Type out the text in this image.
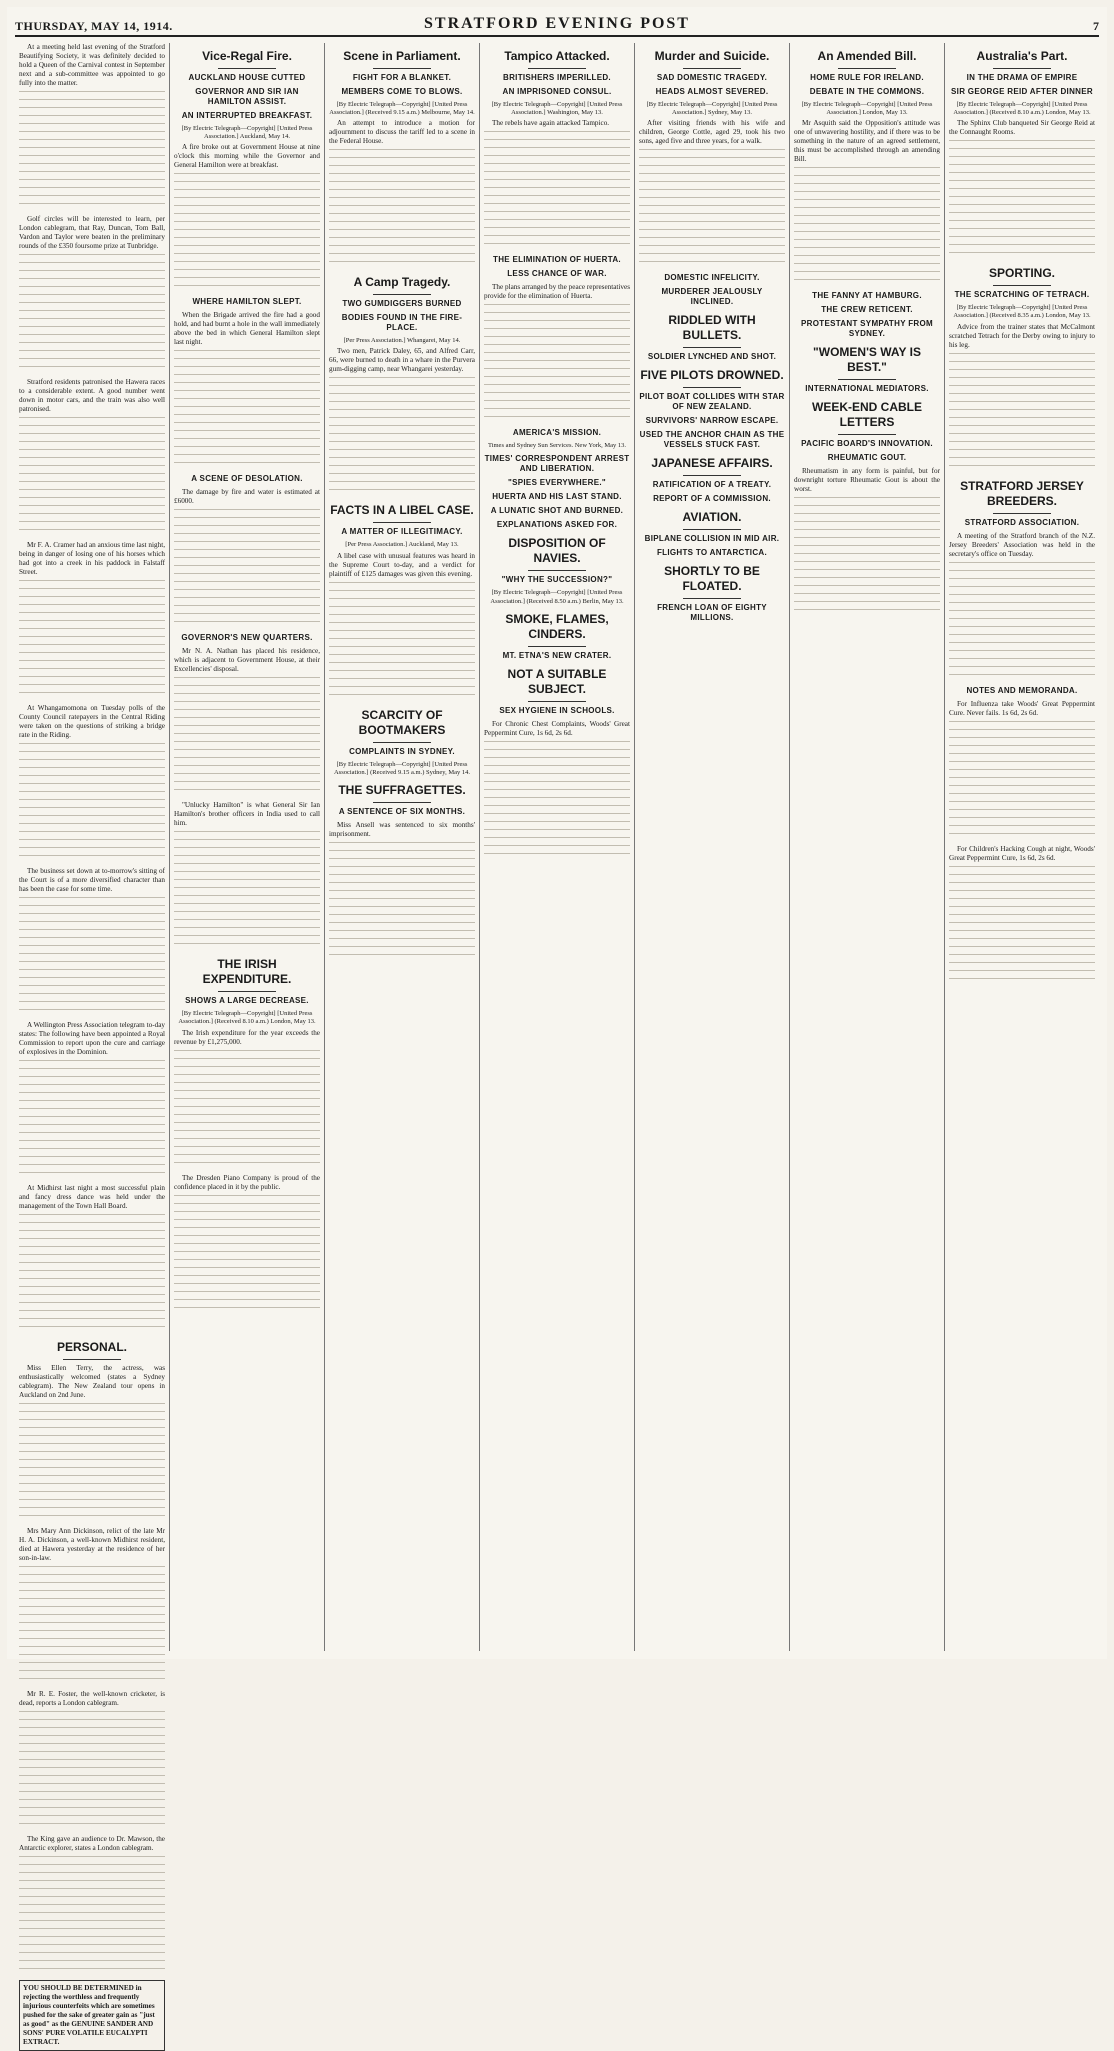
THURSDAY, MAY 14, 1914.	STRATFORD EVENING POST	7

At a meeting held last evening of the Stratford Beautifying Society, it was definitely decided to hold a Queen of the Carnival contest in September next and a sub-committee was appointed to go fully into the matter.

Golf circles will be interested to learn, per London cablegram, that Ray, Duncan, Tom Ball, Vardon and Taylor were beaten in the preliminary rounds of the £350 foursome prize at Tunbridge.

Stratford residents patronised the Hawera races to a considerable extent. A good number went down in motor cars, and the train was also well patronised.

Mr F. A. Cramer had an anxious time last night, being in danger of losing one of his horses which had got into a creek in his paddock in Falstaff Street.

At Whangamomona on Tuesday polls of the County Council ratepayers in the Central Riding were taken on the questions of striking a bridge rate in the Riding.

The business set down at to-morrow's sitting of the Court is of a more diversified character than has been the case for some time.

A Wellington Press Association telegram to-day states: The following have been appointed a Royal Commission to report upon the cure and carriage of explosives in the Dominion.

At Midhirst last night a most successful plain and fancy dress dance was held under the management of the Town Hall Board.

PERSONAL.

Miss Ellen Terry, the actress, was enthusiastically welcomed (states a Sydney cablegram). The New Zealand tour opens in Auckland on 2nd June.

Mrs Mary Ann Dickinson, relict of the late Mr H. A. Dickinson, a well-known Midhirst resident, died at Hawera yesterday at the residence of her son-in-law.

Mr R. E. Foster, the well-known cricketer, is dead, reports a London cablegram.

The King gave an audience to Dr. Mawson, the Antarctic explorer, states a London cablegram.

YOU SHOULD BE DETERMINED in rejecting the worthless and frequently injurious counterfeits which are sometimes pushed for the sake of greater gain as "just as good" as the GENUINE SANDER AND SONS' PURE VOLATILE EUCALYPTI EXTRACT.
Vice-Regal Fire.
AUCKLAND HOUSE CUTTED
GOVERNOR AND SIR IAN HAMILTON ASSIST.
AN INTERRUPTED BREAKFAST.
[By Electric Telegraph—Copyright] [United Press Association.] Auckland, May 14.

A fire broke out at Government House at nine o'clock this morning while the Governor and General Hamilton were at breakfast.

WHERE HAMILTON SLEPT.

When the Brigade arrived the fire had a good hold, and had burnt a hole in the wall immediately above the bed in which General Hamilton slept last night.

A SCENE OF DESOLATION.

The damage by fire and water is estimated at £6000.

GOVERNOR'S NEW QUARTERS.

Mr N. A. Nathan has placed his residence, which is adjacent to Government House, at their Excellencies' disposal.

"Unlucky Hamilton" is what General Sir Ian Hamilton's brother officers in India used to call him.

THE IRISH EXPENDITURE.
SHOWS A LARGE DECREASE.
[By Electric Telegraph—Copyright] [United Press Association.] (Received 8.10 a.m.) London, May 13.

The Irish expenditure for the year exceeds the revenue by £1,275,000.

The Dresden Piano Company is proud of the confidence placed in it by the public.

Scene in Parliament.
FIGHT FOR A BLANKET.
MEMBERS COME TO BLOWS.
[By Electric Telegraph—Copyright] [United Press Association.] (Received 9.15 a.m.) Melbourne, May 14.

An attempt to introduce a motion for adjournment to discuss the tariff led to a scene in the Federal House.

A Camp Tragedy.
TWO GUMDIGGERS BURNED
BODIES FOUND IN THE FIRE-PLACE.
[Per Press Association.] Whangarei, May 14.

Two men, Patrick Daley, 65, and Alfred Carr, 66, were burned to death in a whare in the Purvera gum-digging camp, near Whangarei yesterday.

FACTS IN A LIBEL CASE.
A MATTER OF ILLEGITIMACY.
[Per Press Association.] Auckland, May 13.

A libel case with unusual features was heard in the Supreme Court to-day, and a verdict for plaintiff of £125 damages was given this evening.

SCARCITY OF BOOTMAKERS
COMPLAINTS IN SYDNEY.
[By Electric Telegraph—Copyright] [United Press Association.] (Received 9.15 a.m.) Sydney, May 14.
THE SUFFRAGETTES.
A SENTENCE OF SIX MONTHS.

Miss Ansell was sentenced to six months' imprisonment.

Tampico Attacked.
BRITISHERS IMPERILLED.
AN IMPRISONED CONSUL.
[By Electric Telegraph—Copyright] [United Press Association.] Washington, May 13.

The rebels have again attacked Tampico.

THE ELIMINATION OF HUERTA.
LESS CHANCE OF WAR.

The plans arranged by the peace representatives provide for the elimination of Huerta.

AMERICA'S MISSION.
Times and Sydney Sun Services. New York, May 13.
TIMES' CORRESPONDENT ARREST AND LIBERATION.
"SPIES EVERYWHERE."
HUERTA AND HIS LAST STAND.
A LUNATIC SHOT AND BURNED.
EXPLANATIONS ASKED FOR.
DISPOSITION OF NAVIES.
"WHY THE SUCCESSION?"
[By Electric Telegraph—Copyright] [United Press Association.] (Received 8.50 a.m.) Berlin, May 13.
SMOKE, FLAMES, CINDERS.
MT. ETNA'S NEW CRATER.
NOT A SUITABLE SUBJECT.
SEX HYGIENE IN SCHOOLS.

For Chronic Chest Complaints, Woods' Great Peppermint Cure, 1s 6d, 2s 6d.

Murder and Suicide.
SAD DOMESTIC TRAGEDY.
HEADS ALMOST SEVERED.
[By Electric Telegraph—Copyright] [United Press Association.] Sydney, May 13.

After visiting friends with his wife and children, George Cottle, aged 29, took his two sons, aged five and three years, for a walk.

DOMESTIC INFELICITY.
MURDERER JEALOUSLY INCLINED.
RIDDLED WITH BULLETS.
SOLDIER LYNCHED AND SHOT.
FIVE PILOTS DROWNED.
PILOT BOAT COLLIDES WITH STAR OF NEW ZEALAND.
SURVIVORS' NARROW ESCAPE.
USED THE ANCHOR CHAIN AS THE VESSELS STUCK FAST.
JAPANESE AFFAIRS.
RATIFICATION OF A TREATY.
REPORT OF A COMMISSION.
AVIATION.
BIPLANE COLLISION IN MID AIR.
FLIGHTS TO ANTARCTICA.
SHORTLY TO BE FLOATED.
FRENCH LOAN OF EIGHTY MILLIONS.
An Amended Bill.
HOME RULE FOR IRELAND.
DEBATE IN THE COMMONS.
[By Electric Telegraph—Copyright] [United Press Association.] London, May 13.

Mr Asquith said the Opposition's attitude was one of unwavering hostility, and if there was to be something in the nature of an agreed settlement, this must be accomplished through an amending Bill.

THE FANNY AT HAMBURG.
THE CREW RETICENT.
PROTESTANT SYMPATHY FROM SYDNEY.
"WOMEN'S WAY IS BEST."
INTERNATIONAL MEDIATORS.
WEEK-END CABLE LETTERS
PACIFIC BOARD'S INNOVATION.
RHEUMATIC GOUT.

Rheumatism in any form is painful, but for downright torture Rheumatic Gout is about the worst.

Australia's Part.
IN THE DRAMA OF EMPIRE
SIR GEORGE REID AFTER DINNER
[By Electric Telegraph—Copyright] [United Press Association.] (Received 8.10 a.m.) London, May 13.

The Sphinx Club banqueted Sir George Reid at the Connaught Rooms.

SPORTING.
THE SCRATCHING OF TETRACH.
[By Electric Telegraph—Copyright] [United Press Association.] (Received 8.35 a.m.) London, May 13.

Advice from the trainer states that McCalmont scratched Tetrach for the Derby owing to injury to his leg.

STRATFORD JERSEY BREEDERS.
STRATFORD ASSOCIATION.

A meeting of the Stratford branch of the N.Z. Jersey Breeders' Association was held in the secretary's office on Tuesday.

NOTES AND MEMORANDA.

For Influenza take Woods' Great Peppermint Cure. Never fails. 1s 6d, 2s 6d.

For Children's Hacking Cough at night, Woods' Great Peppermint Cure, 1s 6d, 2s 6d.
